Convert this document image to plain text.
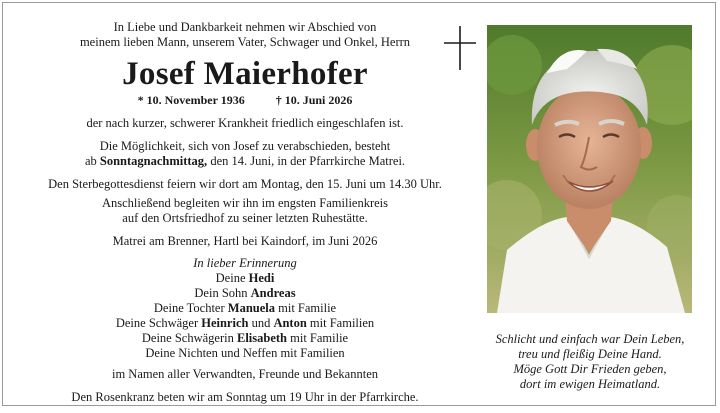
In Liebe und Dankbarkeit nehmen wir Abschied von

meinem lieben Mann, unserem Vater, Schwager und Onkel, Herrn

Josef Maierhofer
* 10. November 1936	† 10. Juni 2026

der nach kurzer, schwerer Krankheit friedlich eingeschlafen ist.

Die Möglichkeit, sich von Josef zu verabschieden, besteht
ab Sonntagnachmittag, den 14. Juni, in der Pfarrkirche Matrei.

Den Sterbegottesdienst feiern wir dort am Montag, den 15. Juni um 14.30 Uhr.

Anschließend begleiten wir ihn im engsten Familienkreis
auf den Ortsfriedhof zu seiner letzten Ruhestätte.

Matrei am Brenner, Hartl bei Kaindorf, im Juni 2026

In lieber Erinnerung

Deine Hedi

Dein Sohn Andreas

Deine Tochter Manuela mit Familie

Deine Schwäger Heinrich und Anton mit Familien

Deine Schwägerin Elisabeth mit Familie

Deine Nichten und Neffen mit Familien

im Namen aller Verwandten, Freunde und Bekannten

Den Rosenkranz beten wir am Sonntag um 19 Uhr in der Pfarrkirche.

Schlicht und einfach war Dein Leben,

treu und fleißig Deine Hand.

Möge Gott Dir Frieden geben,

dort im ewigen Heimatland.
